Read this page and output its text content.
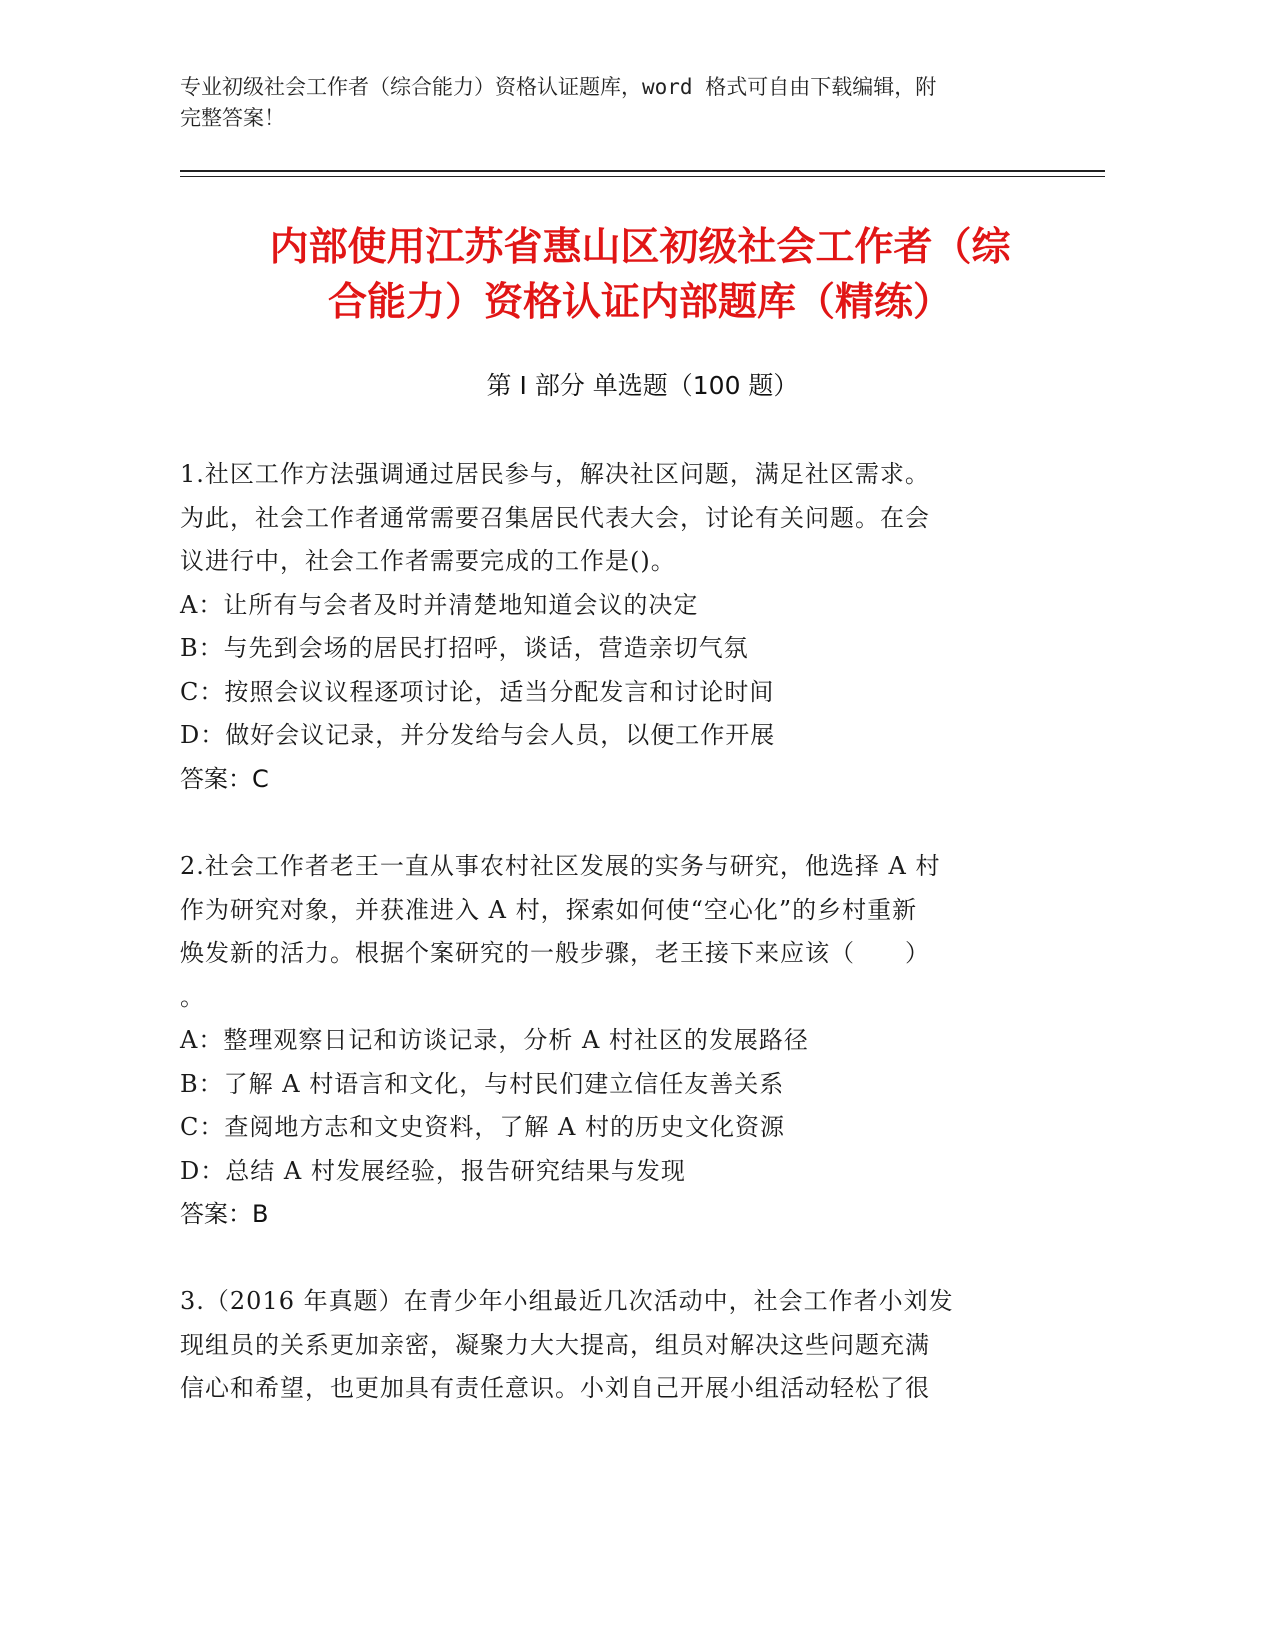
专业初级社会工作者（综合能力）资格认证题库，word 格式可自由下载编辑，附
完整答案！
内部使用江苏省惠山区初级社会工作者（综
合能力）资格认证内部题库（精练）
第 I 部分 单选题（100 题）
1.社区工作方法强调通过居民参与，解决社区问题，满足社区需求。
为此，社会工作者通常需要召集居民代表大会，讨论有关问题。在会
议进行中，社会工作者需要完成的工作是()。
A：让所有与会者及时并清楚地知道会议的决定
B：与先到会场的居民打招呼，谈话，营造亲切气氛
C：按照会议议程逐项讨论，适当分配发言和讨论时间
D：做好会议记录，并分发给与会人员，以便工作开展
答案：C
2.社会工作者老王一直从事农村社区发展的实务与研究，他选择 A 村
作为研究对象，并获准进入 A 村，探索如何使“空心化”的乡村重新
焕发新的活力。根据个案研究的一般步骤，老王接下来应该（　　）
。
A：整理观察日记和访谈记录，分析 A 村社区的发展路径
B：了解 A 村语言和文化，与村民们建立信任友善关系
C：查阅地方志和文史资料，了解 A 村的历史文化资源
D：总结 A 村发展经验，报告研究结果与发现
答案：B
3.（2016 年真题）在青少年小组最近几次活动中，社会工作者小刘发
现组员的关系更加亲密，凝聚力大大提高，组员对解决这些问题充满
信心和希望，也更加具有责任意识。小刘自己开展小组活动轻松了很
